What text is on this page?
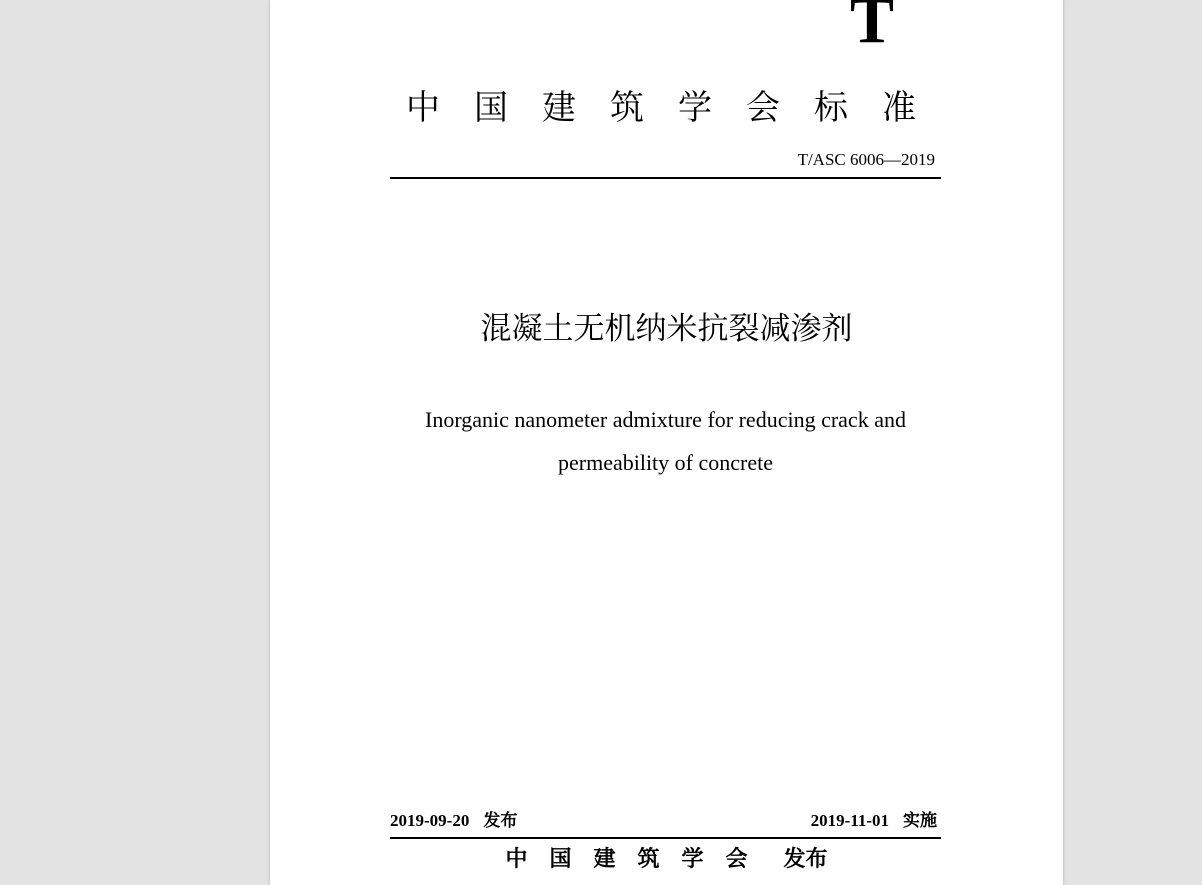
T
中国建筑学会标准
T/ASC 6006—2019
混凝土无机纳米抗裂减渗剂
Inorganic nanometer admixture for reducing crack and permeability of concrete
2019-09-20 发布	2019-11-01 实施
中国建筑学会 发布
